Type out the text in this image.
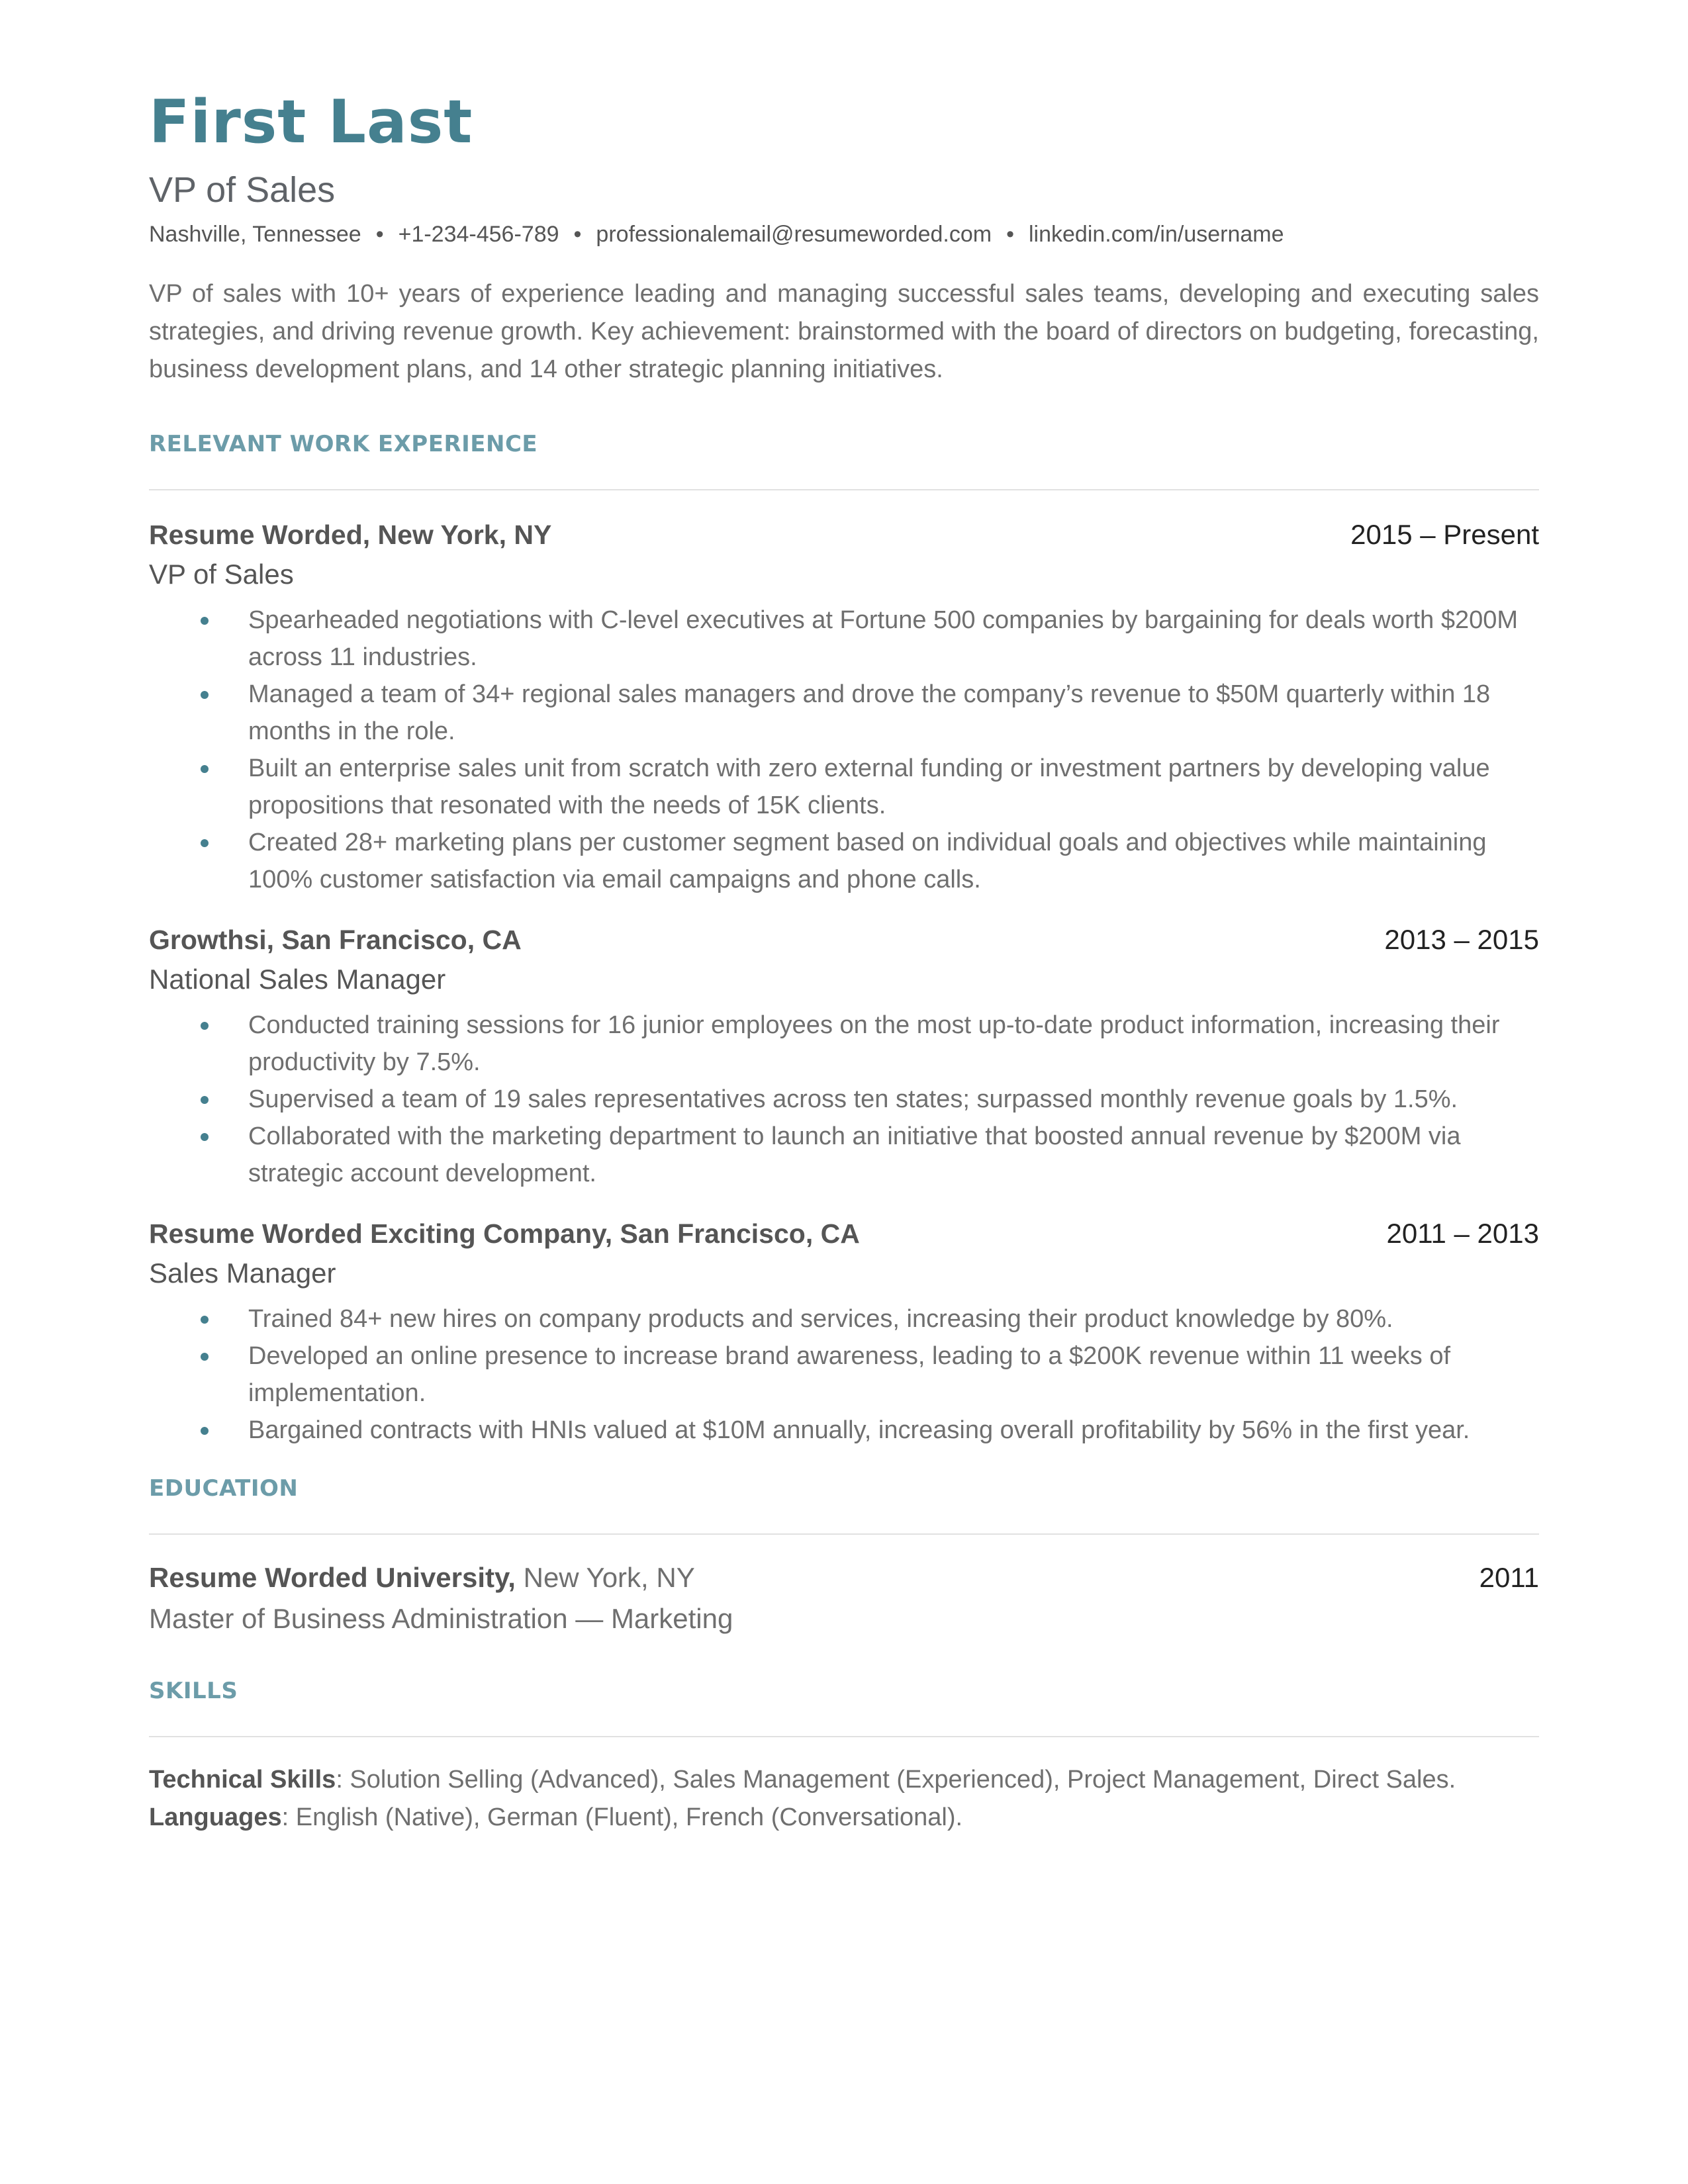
First Last
VP of Sales
Nashville, Tennessee • +1-234-456-789 • professionalemail@resumeworded.com • linkedin.com/in/username
VP of sales with 10+ years of experience leading and managing successful sales teams, developing and executing sales strategies, and driving revenue growth. Key achievement: brainstormed with the board of directors on budgeting, forecasting, business development plans, and 14 other strategic planning initiatives.
RELEVANT WORK EXPERIENCE
Resume Worded, New York, NY	2015 – Present
VP of Sales
Spearheaded negotiations with C-level executives at Fortune 500 companies by bargaining for deals worth $200M across 11 industries.
Managed a team of 34+ regional sales managers and drove the company’s revenue to $50M quarterly within 18 months in the role.
Built an enterprise sales unit from scratch with zero external funding or investment partners by developing value propositions that resonated with the needs of 15K clients.
Created 28+ marketing plans per customer segment based on individual goals and objectives while maintaining 100% customer satisfaction via email campaigns and phone calls.
Growthsi, San Francisco, CA	2013 – 2015
National Sales Manager
Conducted training sessions for 16 junior employees on the most up-to-date product information, increasing their productivity by 7.5%.
Supervised a team of 19 sales representatives across ten states; surpassed monthly revenue goals by 1.5%.
Collaborated with the marketing department to launch an initiative that boosted annual revenue by $200M via strategic account development.
Resume Worded Exciting Company, San Francisco, CA	2011 – 2013
Sales Manager
Trained 84+ new hires on company products and services, increasing their product knowledge by 80%.
Developed an online presence to increase brand awareness, leading to a $200K revenue within 11 weeks of implementation.
Bargained contracts with HNIs valued at $10M annually, increasing overall profitability by 56% in the first year.
EDUCATION
Resume Worded University, New York, NY	2011
Master of Business Administration — Marketing
SKILLS
Technical Skills: Solution Selling (Advanced), Sales Management (Experienced), Project Management, Direct Sales.
Languages: English (Native), German (Fluent), French (Conversational).
